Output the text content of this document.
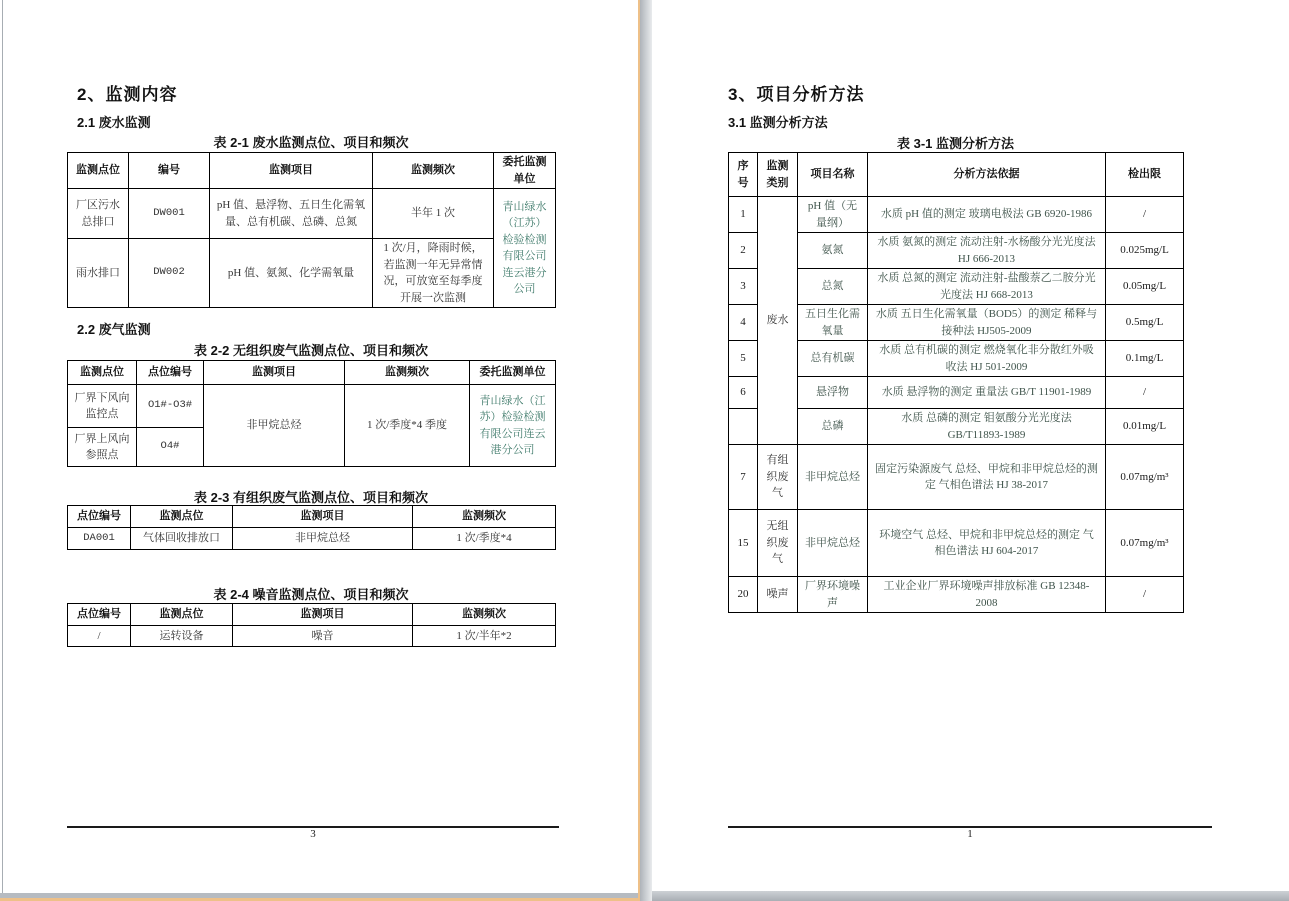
2、监测内容
2.1 废水监测
表 2-1 废水监测点位、项目和频次
监测点位	编号	监测项目	监测频次	委托监测单位
厂区污水总排口	DW001	pH 值、悬浮物、五日生化需氧量、总有机碳、总磷、总氮	半年 1 次	青山绿水（江苏）检验检测有限公司连云港分公司
雨水排口	DW002	pH 值、氨氮、化学需氧量	1 次/月，降雨时候，若监测一年无异常情况，可放宽至每季度开展一次监测	
2.2 废气监测
表 2-2 无组织废气监测点位、项目和频次
监测点位	点位编号	监测项目	监测频次	委托监测单位
厂界下风向监控点	O1#-O3#	非甲烷总烃	1 次/季度*4 季度	青山绿水（江苏）检验检测有限公司连云港分公司
厂界上风向参照点	O4#			
表 2-3 有组织废气监测点位、项目和频次
点位编号	监测点位	监测项目	监测频次
DA001	气体回收排放口	非甲烷总烃	1 次/季度*4
表 2-4 噪音监测点位、项目和频次
点位编号	监测点位	监测项目	监测频次
/	运转设备	噪音	1 次/半年*2
3
3、项目分析方法
3.1 监测分析方法
表 3-1 监测分析方法
序号	监测类别	项目名称	分析方法依据	检出限
1	废水	pH 值（无量纲）	水质 pH 值的测定 玻璃电极法 GB 6920-1986	/
2		氨氮	水质 氨氮的测定 流动注射-水杨酸分光光度法 HJ 666-2013	0.025mg/L
3		总氮	水质 总氮的测定 流动注射-盐酸萘乙二胺分光光度法 HJ 668-2013	0.05mg/L
4		五日生化需氧量	水质 五日生化需氧量（BOD5）的测定 稀释与接种法 HJ505-2009	0.5mg/L
5		总有机碳	水质 总有机碳的测定 燃烧氧化非分散红外吸收法 HJ 501-2009	0.1mg/L
6		悬浮物	水质 悬浮物的测定 重量法 GB/T 11901-1989	/
		总磷	水质 总磷的测定 钼氨酸分光光度法 GB/T11893-1989	0.01mg/L
7	有组织废气	非甲烷总烃	固定污染源废气 总烃、甲烷和非甲烷总烃的测定 气相色谱法 HJ 38-2017	0.07mg/m³
15	无组织废气	非甲烷总烃	环境空气 总烃、甲烷和非甲烷总烃的测定 气相色谱法 HJ 604-2017	0.07mg/m³
20	噪声	厂界环境噪声	工业企业厂界环境噪声排放标准 GB 12348-2008	/
1
